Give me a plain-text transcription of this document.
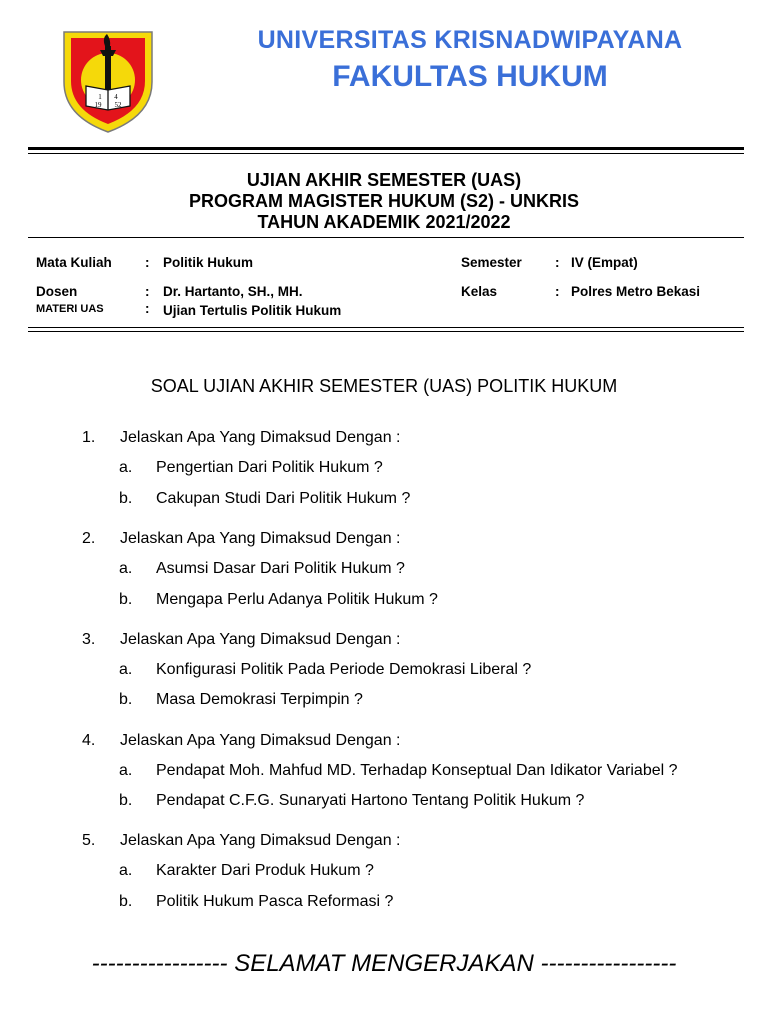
4
19 52
1
UNIVERSITAS KRISNADWIPAYANA
FAKULTAS HUKUM
UJIAN AKHIR SEMESTER (UAS)
PROGRAM MAGISTER HUKUM (S2) - UNKRIS
TAHUN AKADEMIK 2021/2022
Mata Kuliah : Politik Hukum	Semester : IV (Empat)
Dosen	: Dr. Hartanto, SH., MH.	Kelas	: Polres Metro Bekasi
MATERI UAS	: Ujian Tertulis Politik Hukum
SOAL UJIAN AKHIR SEMESTER (UAS) POLITIK HUKUM
1. Jelaskan Apa Yang Dimaksud Dengan :
a. Pengertian Dari Politik Hukum ?
b. Cakupan Studi Dari Politik Hukum ?
2. Jelaskan Apa Yang Dimaksud Dengan :
a. Asumsi Dasar Dari Politik Hukum ?
b. Mengapa Perlu Adanya Politik Hukum ?
3. Jelaskan Apa Yang Dimaksud Dengan :
a. Konfigurasi Politik Pada Periode Demokrasi Liberal ?
b. Masa Demokrasi Terpimpin ?
4. Jelaskan Apa Yang Dimaksud Dengan :
a. Pendapat Moh. Mahfud MD. Terhadap Konseptual Dan Idikator Variabel ?
b. Pendapat C.F.G. Sunaryati Hartono Tentang Politik Hukum ?
5. Jelaskan Apa Yang Dimaksud Dengan :
a. Karakter Dari Produk Hukum ?
b. Politik Hukum Pasca Reformasi ?
----------------- SELAMAT MENGERJAKAN -----------------
